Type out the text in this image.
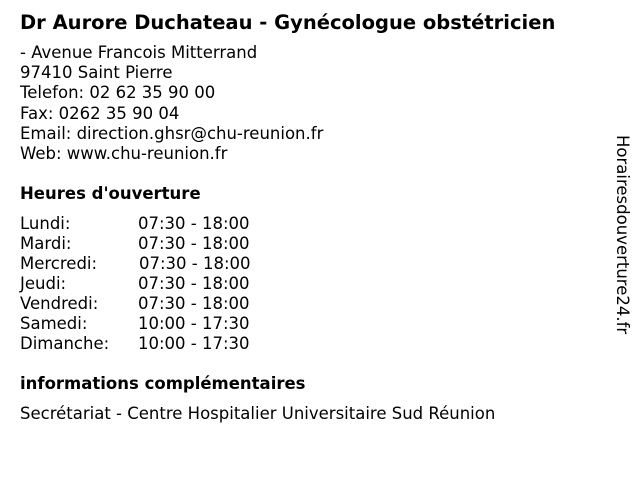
Dr Aurore Duchateau - Gynécologue obstétricien
- Avenue Francois Mitterrand
97410 Saint Pierre
Telefon: 02 62 35 90 00
Fax: 0262 35 90 04
Email: direction.ghsr@chu-reunion.fr
Web: www.chu-reunion.fr
Heures d'ouverture
Lundi:	07:30 - 18:00
Mardi:	07:30 - 18:00
Mercredi:	07:30 - 18:00
Jeudi:	07:30 - 18:00
Vendredi: 07:30 - 18:00
Samedi:	10:00 - 17:30
Dimanche: 10:00 - 17:30
informations complémentaires
Secrétariat - Centre Hospitalier Universitaire Sud Réunion
Horairesdouverture24.fr
